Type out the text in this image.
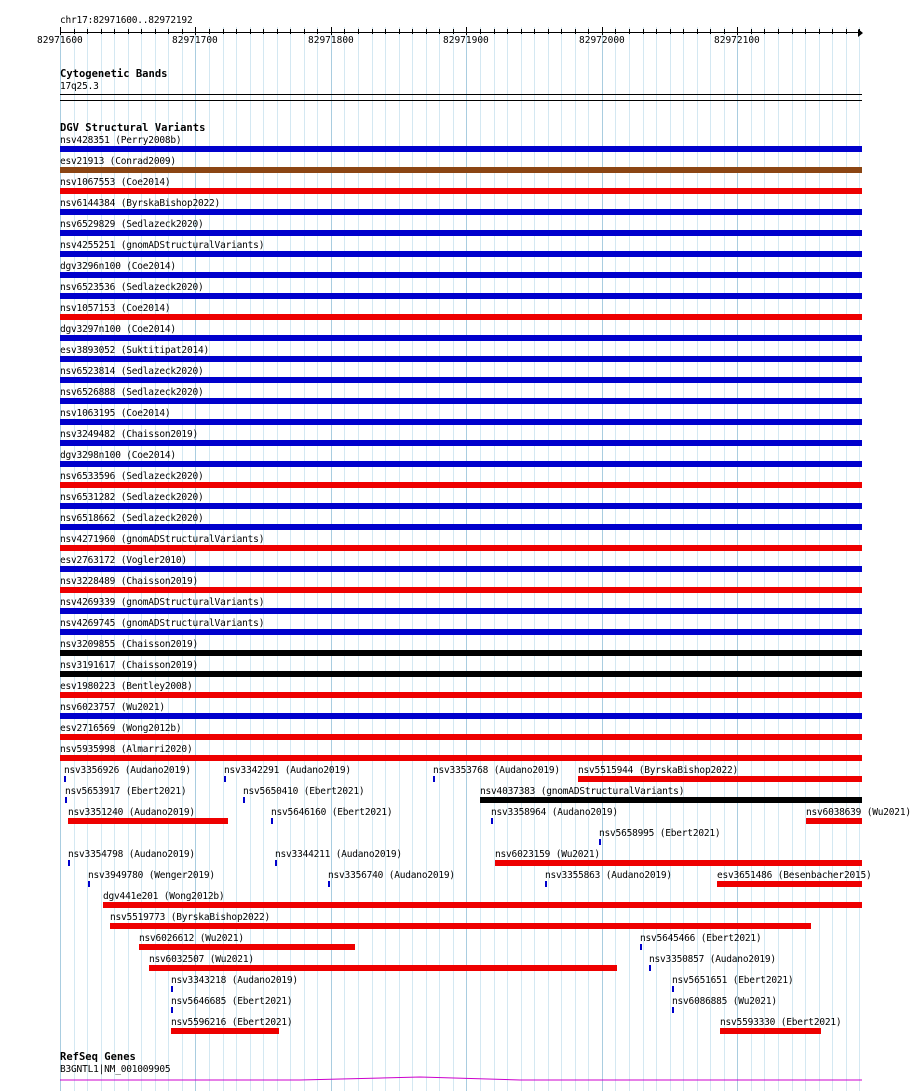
chr17:82971600..82972192
82971600	82971700	82971800	82971900	82972000	82972100
Cytogenetic Bands
17q25.3
DGV Structural Variants
nsv428351 (Perry2008b)
esv21913 (Conrad2009)
nsv1067553 (Coe2014)
nsv6144384 (ByrskaBishop2022)
nsv6529829 (Sedlazeck2020)
nsv4255251 (gnomADStructuralVariants)
dgv3296n100 (Coe2014)
nsv6523536 (Sedlazeck2020)
nsv1057153 (Coe2014)
dgv3297n100 (Coe2014)
esv3893052 (Suktitipat2014)
nsv6523814 (Sedlazeck2020)
nsv6526888 (Sedlazeck2020)
nsv1063195 (Coe2014)
nsv3249482 (Chaisson2019)
dgv3298n100 (Coe2014)
nsv6533596 (Sedlazeck2020)
nsv6531282 (Sedlazeck2020)
nsv6518662 (Sedlazeck2020)
nsv4271960 (gnomADStructuralVariants)
esv2763172 (Vogler2010)
nsv3228489 (Chaisson2019)
nsv4269339 (gnomADStructuralVariants)
nsv4269745 (gnomADStructuralVariants)
nsv3209855 (Chaisson2019)
nsv3191617 (Chaisson2019)
esv1980223 (Bentley2008)
nsv6023757 (Wu2021)
esv2716569 (Wong2012b)
nsv5935998 (Almarri2020)
nsv3356926 (Audano2019)	nsv3342291 (Audano2019)	nsv3353768 (Audano2019) nsv5515944 (ByrskaBishop2022)
nsv5653917 (Ebert2021)	nsv5650410 (Ebert2021)	nsv4037383 (gnomADStructuralVariants)
nsv3351240 (Audano2019)	nsv5646160 (Ebert2021)	nsv3358964 (Audano2019)
nsv5658995 (Ebert2021)
nsv6038639 (Wu2021)
nsv3354798 (Audano2019)	nsv3344211 (Audano2019)	nsv6023159 (Wu2021)
nsv3949780 (Wenger2019)	nsv3356740 (Audano2019)	nsv3355863 (Audano2019)	esv3651486 (Besenbacher2015)
dgv441e201 (Wong2012b)
nsv5519773 (ByrskaBishop2022)
nsv6026612 (Wu2021)	nsv5645466 (Ebert2021)
nsv6032507 (Wu2021)	nsv3350857 (Audano2019)
nsv3343218 (Audano2019)	nsv5651651 (Ebert2021)
nsv5646685 (Ebert2021)	nsv6086885 (Wu2021)
nsv5596216 (Ebert2021)	nsv5593330 (Ebert2021)
RefSeq Genes
B3GNTL1|NM_001009905
